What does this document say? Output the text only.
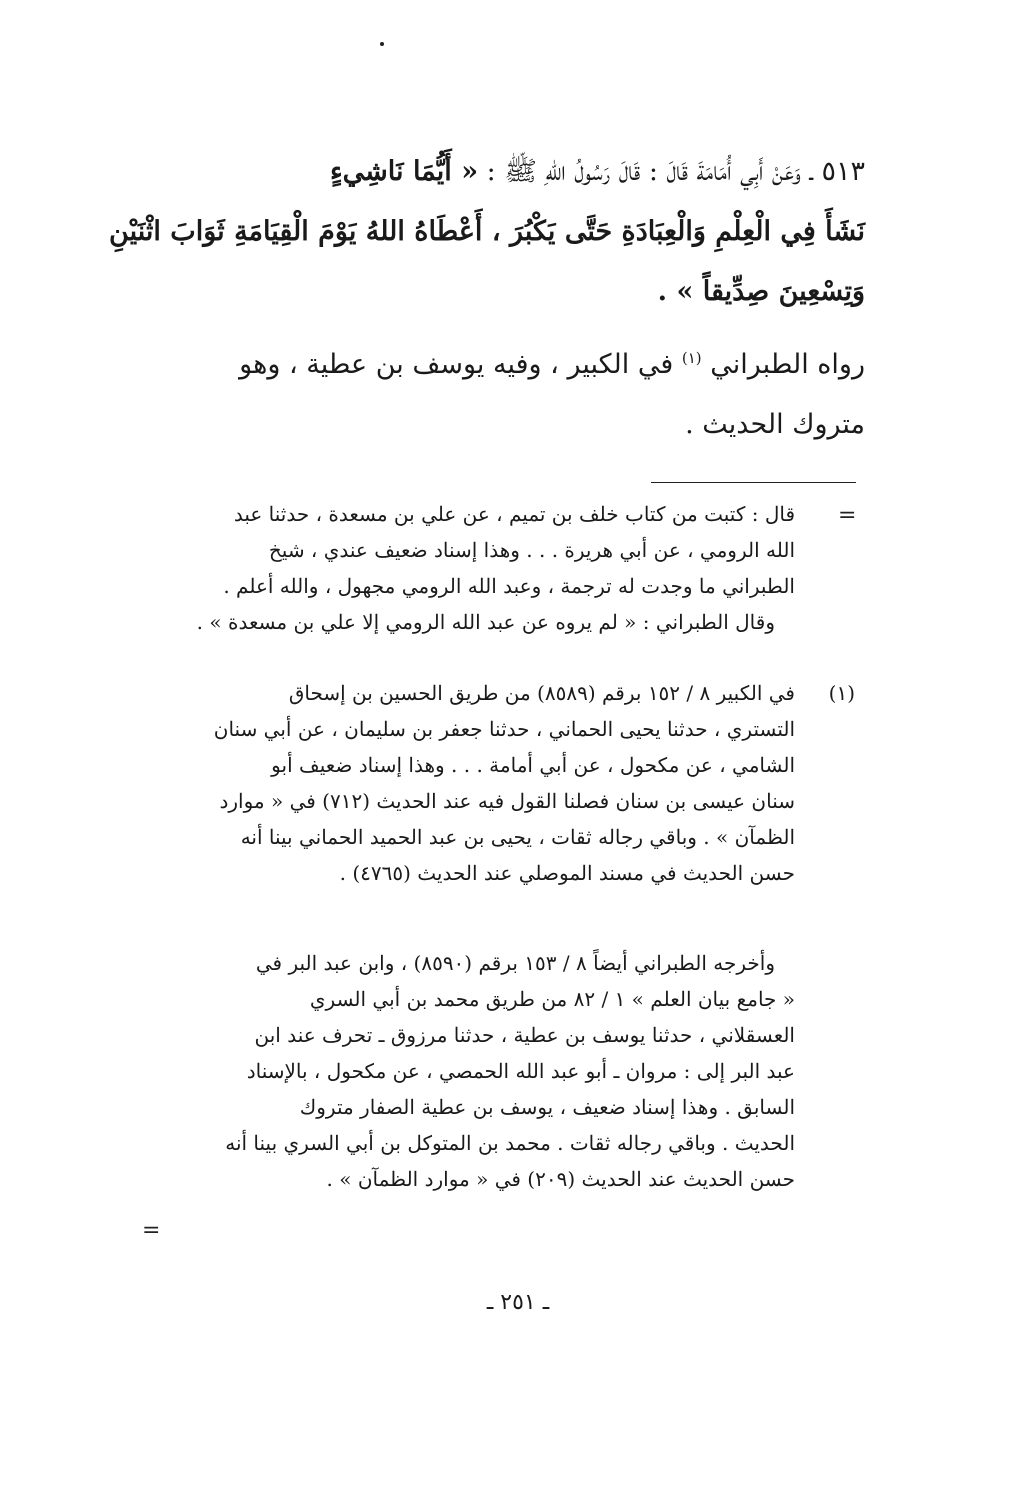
٥١٣ ـ وَعَنْ أَبِي أُمَامَةَ قَالَ : قَالَ رَسُولُ اللهِ ﷺ : « أَيُّمَا نَاشِيءٍ

نَشَأَ فِي الْعِلْمِ وَالْعِبَادَةِ حَتَّى يَكْبُرَ ، أَعْطَاهُ اللهُ يَوْمَ الْقِيَامَةِ ثَوَابَ اثْنَيْنِ

وَتِسْعِينَ صِدِّيقاً » .

رواه الطبراني $^{(١)}$ في الكبير ، وفيه يوسف بن عطية ، وهو

متروك الحديث .

=

قال : كتبت من كتاب خلف بن تميم ، عن علي بن مسعدة ، حدثنا عبد

الله الرومي ، عن أبي هريرة . . . وهذا إسناد ضعيف عندي ، شيخ

الطبراني ما وجدت له ترجمة ، وعبد الله الرومي مجهول ، والله أعلم .

وقال الطبراني : « لم يروه عن عبد الله الرومي إلا علي بن مسعدة » .

(١)

في الكبير ٨ / ١٥٢ برقم (٨٥٨٩) من طريق الحسين بن إسحاق

التستري ، حدثنا يحيى الحماني ، حدثنا جعفر بن سليمان ، عن أبي سنان

الشامي ، عن مكحول ، عن أبي أمامة . . . وهذا إسناد ضعيف أبو

سنان عيسى بن سنان فصلنا القول فيه عند الحديث (٧١٢) في « موارد

الظمآن » . وباقي رجاله ثقات ، يحيى بن عبد الحميد الحماني بينا أنه

حسن الحديث في مسند الموصلي عند الحديث (٤٧٦٥) .

وأخرجه الطبراني أيضاً ٨ / ١٥٣ برقم (٨٥٩٠) ، وابن عبد البر في

« جامع بيان العلم » ١ / ٨٢ من طريق محمد بن أبي السري

العسقلاني ، حدثنا يوسف بن عطية ، حدثنا مرزوق ـ تحرف عند ابن

عبد البر إلى : مروان ـ أبو عبد الله الحمصي ، عن مكحول ، بالإسناد

السابق . وهذا إسناد ضعيف ، يوسف بن عطية الصفار متروك

الحديث . وباقي رجاله ثقات . محمد بن المتوكل بن أبي السري بينا أنه

حسن الحديث عند الحديث (٢٠٩) في « موارد الظمآن » .

=
ـ ٢٥١ ـ
